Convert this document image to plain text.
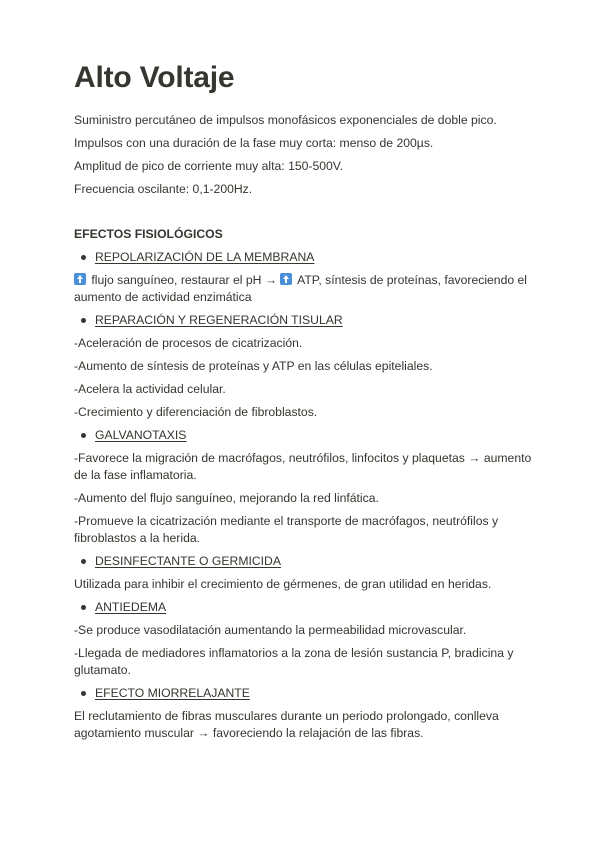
Alto Voltaje

Suministro percutáneo de impulsos monofásicos exponenciales de doble pico.

Impulsos con una duración de la fase muy corta: menso de 200µs.

Amplitud de pico de corriente muy alta: 150-500V.

Frecuencia oscilante: 0,1-200Hz.

EFECTOS FISIOLÓGICOS
REPOLARIZACIÓN DE LA MEMBRANA

flujo sanguíneo, restaurar el pH →  ATP, síntesis de proteínas, favoreciendo el aumento de actividad enzimática

REPARACIÓN Y REGENERACIÓN TISULAR

-Aceleración de procesos de cicatrización.

-Aumento de síntesis de proteínas y ATP en las células epiteliales.

-Acelera la actividad celular.

-Crecimiento y diferenciación de fibroblastos.

GALVANOTAXIS

-Favorece la migración de macrófagos, neutrófilos, linfocitos y plaquetas → aumento de la fase inflamatoria.

-Aumento del flujo sanguíneo, mejorando la red linfática.

-Promueve la cicatrización mediante el transporte de macrófagos, neutrófilos y fibroblastos a la herida.

DESINFECTANTE O GERMICIDA

Utilizada para inhibir el crecimiento de gérmenes, de gran utilidad en heridas.

ANTIEDEMA

-Se produce vasodilatación aumentando la permeabilidad microvascular.

-Llegada de mediadores inflamatorios a la zona de lesión sustancia P, bradicina y glutamato.

EFECTO MIORRELAJANTE

El reclutamiento de fibras musculares durante un periodo prolongado, conlleva agotamiento muscular → favoreciendo la relajación de las fibras.
